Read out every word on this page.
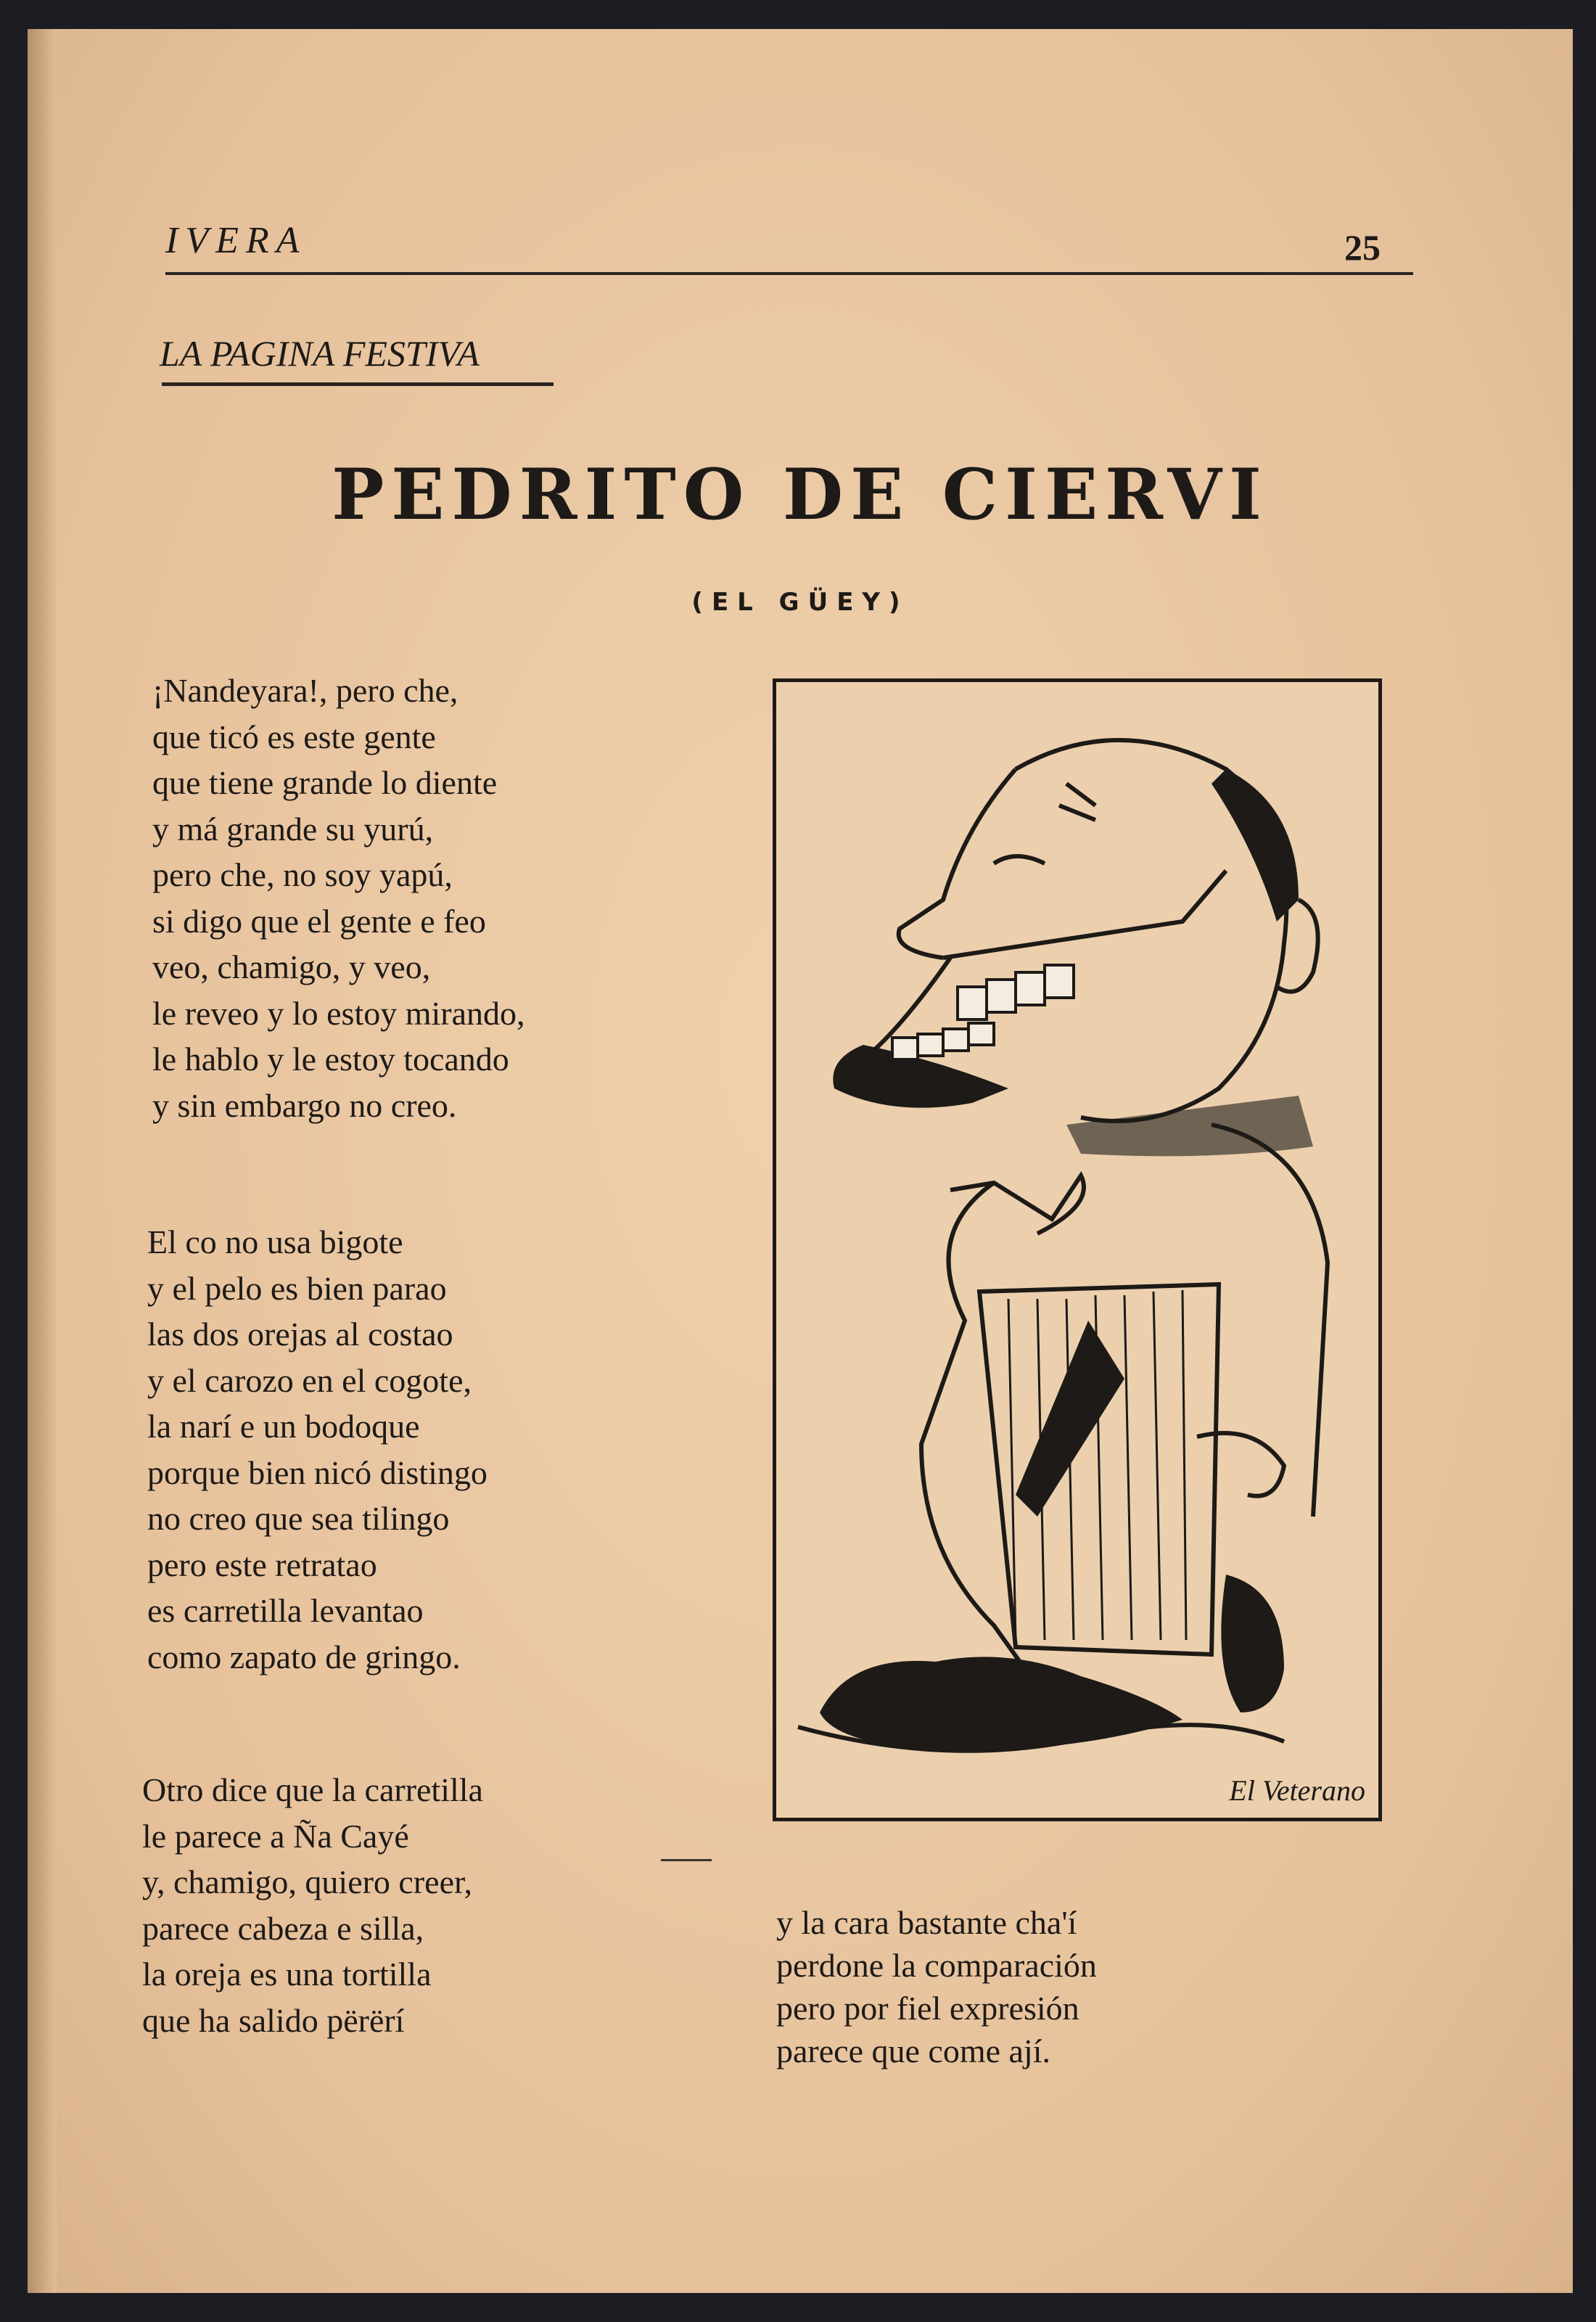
IVERA	25
LA PAGINA FESTIVA
PEDRITO DE CIERVI
(EL GÜEY)
¡Nandeyara!, pero che,
que ticó es este gente
que tiene grande lo diente
y má grande su yurú,
pero che, no soy yapú,
si digo que el gente e feo
veo, chamigo, y veo,
le reveo y lo estoy mirando,
le hablo y le estoy tocando
y sin embargo no creo.
El co no usa bigote
y el pelo es bien parao
las dos orejas al costao
y el carozo en el cogote,
la narí e un bodoque
porque bien nicó distingo
no creo que sea tilingo
pero este retratao
es carretilla levantao
como zapato de gringo.
Otro dice que la carretilla
le parece a Ña Cayé
y, chamigo, quiero creer,
parece cabeza e silla,
la oreja es una tortilla
que ha salido përërí
y la cara bastante cha'í
perdone la comparación
pero por fiel expresión
parece que come ají.
El Veterano
